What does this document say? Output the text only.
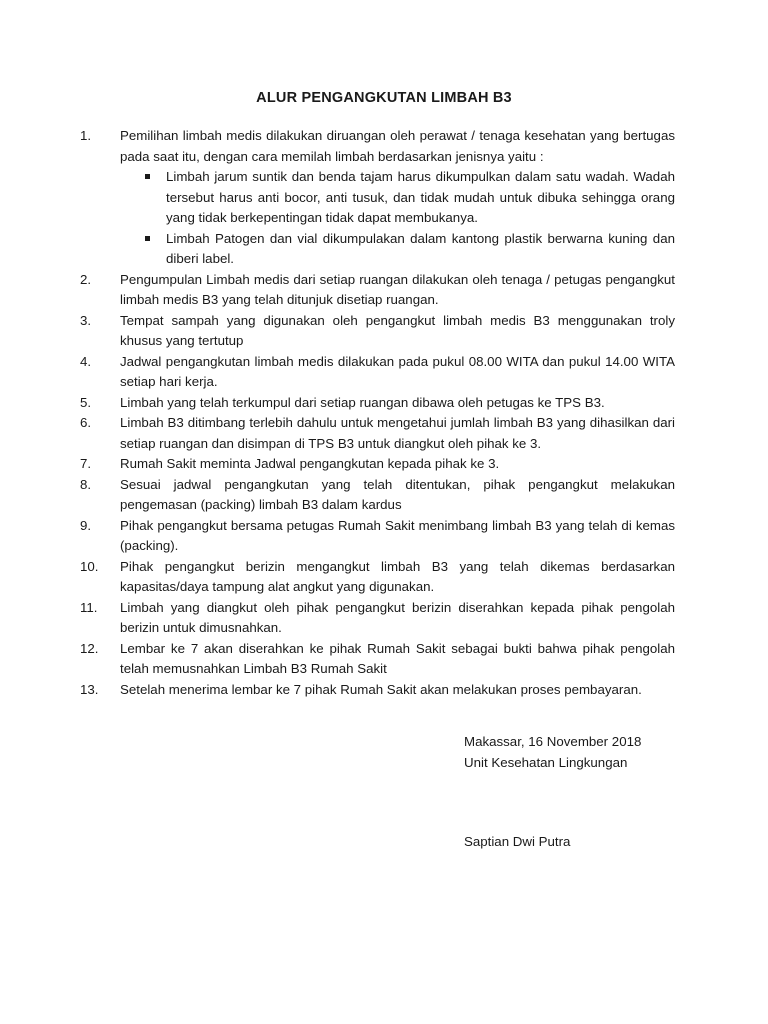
ALUR PENGANGKUTAN LIMBAH B3
1.	Pemilihan limbah medis dilakukan diruangan oleh perawat / tenaga kesehatan yang bertugas pada saat itu, dengan cara memilah limbah berdasarkan jenisnya yaitu :
Limbah jarum suntik dan benda tajam harus dikumpulkan dalam satu wadah. Wadah tersebut harus anti bocor, anti tusuk, dan tidak mudah untuk dibuka sehingga orang yang tidak berkepentingan tidak dapat membukanya.
Limbah Patogen dan vial dikumpulakan dalam kantong plastik berwarna kuning dan diberi label.
2.	Pengumpulan Limbah medis dari setiap ruangan dilakukan oleh tenaga / petugas pengangkut limbah medis B3 yang telah ditunjuk disetiap ruangan.
3.	Tempat sampah yang digunakan oleh pengangkut limbah medis B3 menggunakan troly khusus yang tertutup
4.	Jadwal pengangkutan limbah medis dilakukan pada pukul 08.00 WITA dan pukul 14.00 WITA setiap hari kerja.
5.	Limbah yang telah terkumpul dari setiap ruangan dibawa oleh petugas ke TPS B3.
6.	Limbah B3 ditimbang terlebih dahulu untuk mengetahui jumlah limbah B3 yang dihasilkan dari setiap ruangan dan disimpan di TPS B3 untuk diangkut oleh pihak ke 3.
7.	Rumah Sakit meminta Jadwal pengangkutan kepada pihak ke 3.
8.	Sesuai jadwal pengangkutan yang telah ditentukan, pihak pengangkut melakukan pengemasan (packing) limbah B3 dalam kardus
9.	Pihak pengangkut bersama petugas Rumah Sakit menimbang limbah B3 yang telah di kemas (packing).
10.	Pihak pengangkut berizin mengangkut limbah B3 yang telah dikemas berdasarkan kapasitas/daya tampung alat angkut yang digunakan.
11.	Limbah yang diangkut oleh pihak pengangkut berizin diserahkan kepada pihak pengolah berizin untuk dimusnahkan.
12.	Lembar ke 7 akan diserahkan ke pihak Rumah Sakit sebagai bukti bahwa pihak pengolah telah memusnahkan Limbah B3 Rumah Sakit
13.	Setelah menerima lembar ke 7 pihak Rumah Sakit akan melakukan proses pembayaran.
Makassar, 16 November 2018
Unit Kesehatan Lingkungan
Saptian Dwi Putra
